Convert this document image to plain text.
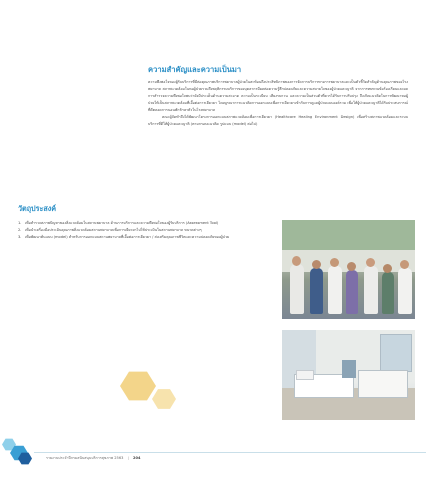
ความสำคัญและความเป็นมา

ความพึงพอใจของผู้รับบริการที่มีต่อคุณภาพบริการพยาบาลผู้ป่วยในสะท้อนถึงประสิทธิภาพของการจัดการบริการทางการพยาบาลและเป็นตัวชี้วัดสำคัญด้านคุณภาพของโรงพยาบาล สภาพแวดล้อมในหอผู้ป่วยรวมถึงพฤติกรรมบริการของบุคลากรมีผลต่อความรู้สึกปลอดภัยและความสบายใจของผู้ป่วยและญาติ จากการทบทวนข้อร้องเรียนและผลการสำรวจความพึงพอใจพบว่ายังมีประเด็นด้านความสะอาด ความเป็นระเบียบ เสียงรบกวน และความเป็นส่วนตัวที่ควรได้รับการปรับปรุง จึงเกิดแนวคิดในการพัฒนาหอผู้ป่วยให้เป็นสภาพแวดล้อมที่เอื้อต่อการเยียวยา โดยบูรณาการแนวคิดการออกแบบเพื่อการเยียวยาเข้ากับการดูแลผู้ป่วยแบบองค์รวม เพื่อให้ผู้ป่วยและญาติได้รับประสบการณ์ที่ดีตลอดการนอนพักรักษาตัวในโรงพยาบาล

คณะผู้จัดทำจึงได้พัฒนาโครงการออกแบบสภาพแวดล้อมเพื่อการเยียวยา (Healthcare Healing Environment Design) เพื่อสร้างสภาพแวดล้อมและระบบบริการที่ดีให้ผู้ป่วยและญาติ (ตามกรอบแนวคิด รูปแบบ (model) ต่อไป)

วัตถุประสงค์
1. เพื่อสำรวจสภาพปัญหาของสิ่งแวดล้อมในสถานพยาบาล ด้านการบริการและความพึงพอใจของผู้รับบริการ (Assessment Tool)
2. เพื่อนำเครื่องมือประเมินคุณภาพสิ่งแวดล้อมสถานพยาบาลเพื่อการเยียวยาไปใช้ประเมินในสถานพยาบาล ขนาดต่างๆ
3. เพื่อพัฒนาต้นแบบ (model) สำหรับการออกแบบสถานพยาบาลที่เอื้อต่อการเยียวยา / ส่งเสริมคุณภาพชีวิตและความปลอดภัยของผู้ป่วย
รายงานประจำปีกรมสนับสนุนบริการสุขภาพ 2563 | 204
